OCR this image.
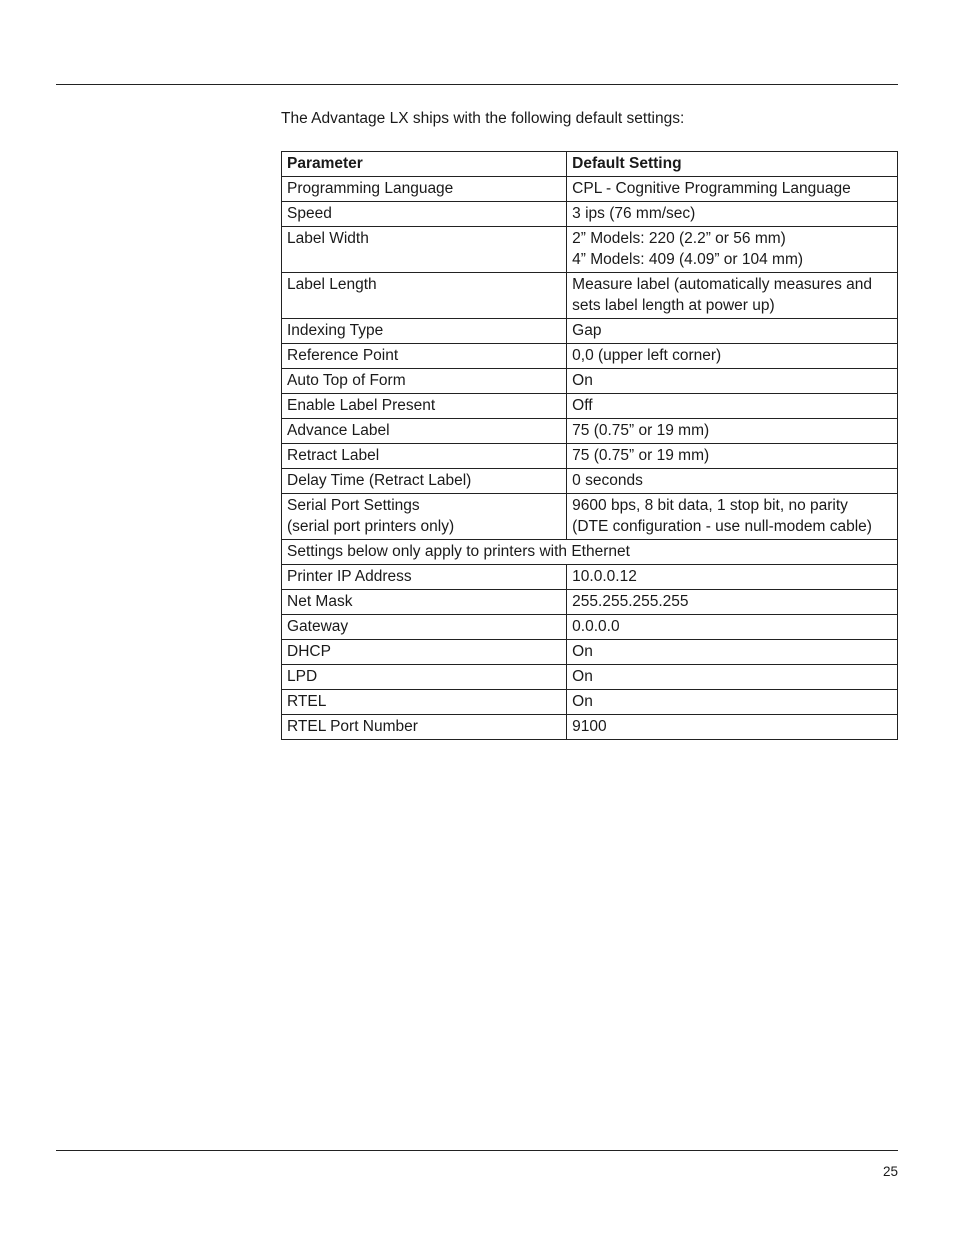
The Advantage LX ships with the following default settings:

Parameter	Default Setting

Programming Language	CPL - Cognitive Programming Language

Speed	3 ips (76 mm/sec)

Label Width	2” Models: 220 (2.2” or 56 mm)
4” Models: 409 (4.09” or 104 mm)

Label Length	Measure label (automatically measures and
sets label length at power up)

Indexing Type	Gap

Reference Point	0,0 (upper left corner)

Auto Top of Form	On

Enable Label Present	Off

Advance Label	75 (0.75” or 19 mm)

Retract Label	75 (0.75” or 19 mm)

Delay Time (Retract Label)	0 seconds

Serial Port Settings
(serial port printers only)	9600 bps, 8 bit data, 1 stop bit, no parity
(DTE configuration - use null-modem cable)

Settings below only apply to printers with Ethernet	

Printer IP Address	10.0.0.12

Net Mask	255.255.255.255

Gateway	0.0.0.0

DHCP	On

LPD	On

RTEL	On

RTEL Port Number	9100
25
